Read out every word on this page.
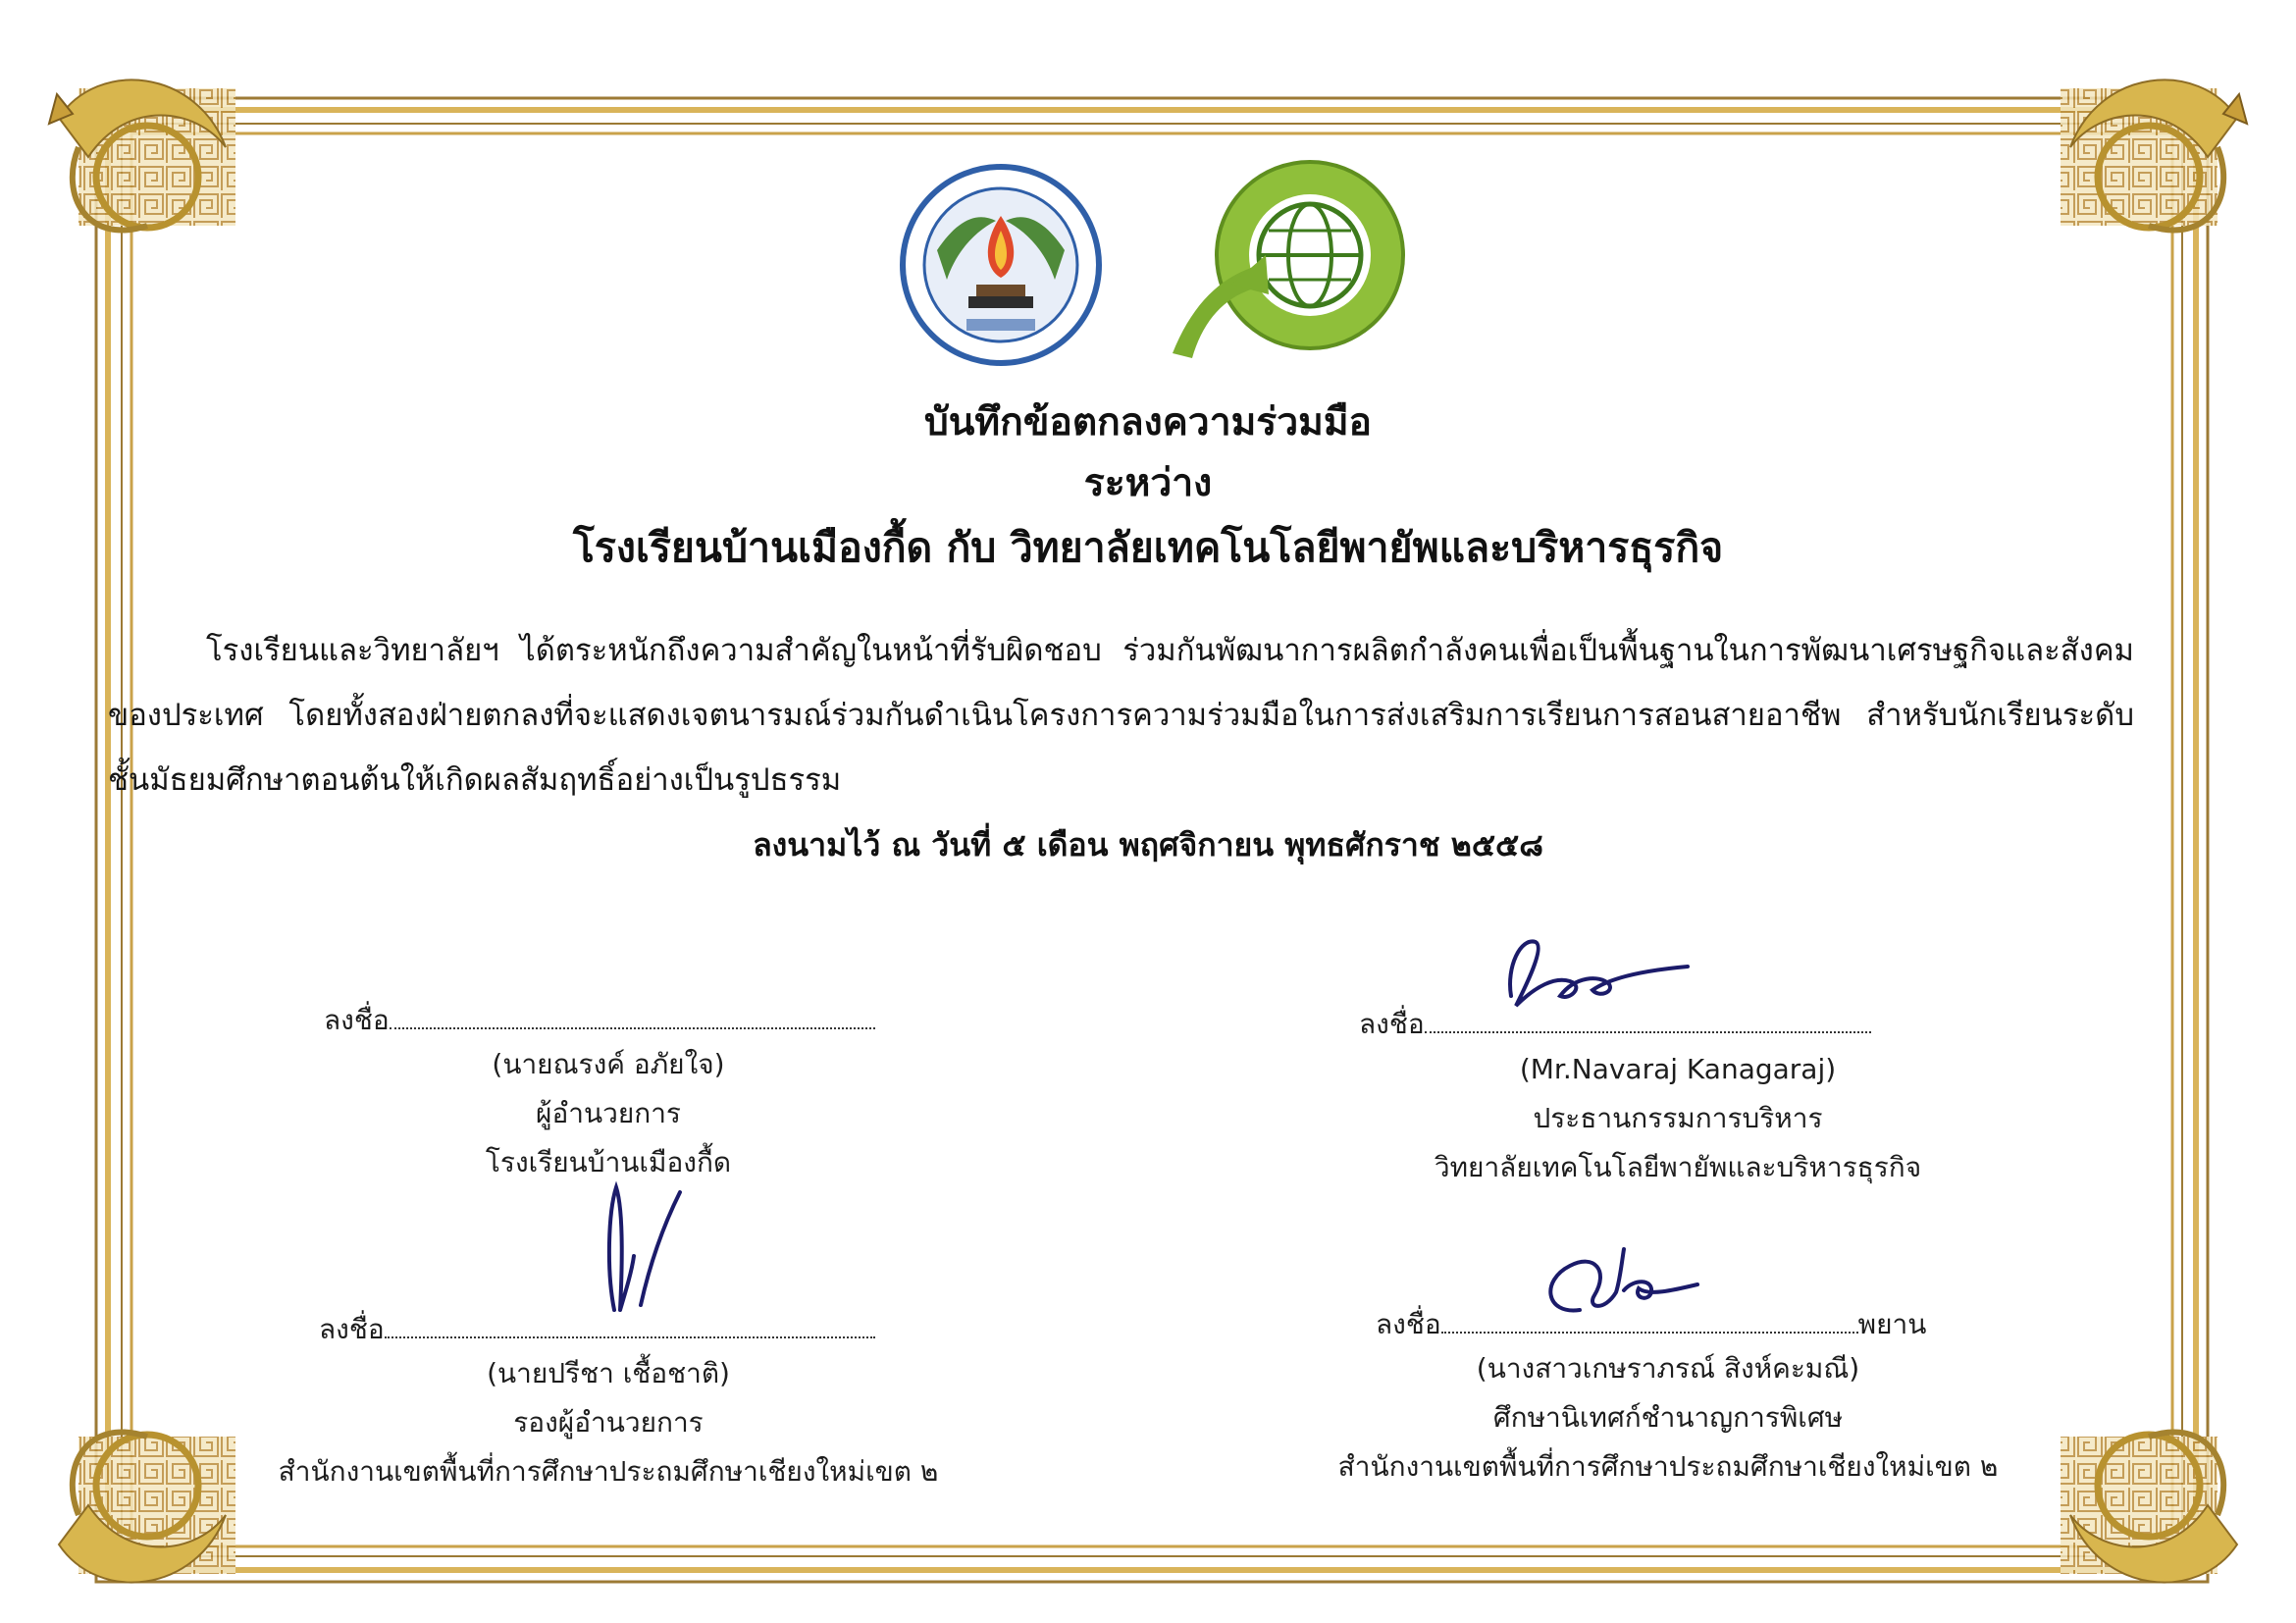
บันทึกข้อตกลงความร่วมมือ
ระหว่าง
โรงเรียนบ้านเมืองกื้ด กับ วิทยาลัยเทคโนโลยีพายัพและบริหารธุรกิจ
โรงเรียนและวิทยาลัยฯ ได้ตระหนักถึงความสำคัญในหน้าที่รับผิดชอบ ร่วมกันพัฒนาการผลิตกำลังคนเพื่อเป็นพื้นฐานในการพัฒนาเศรษฐกิจและสังคมของประเทศ โดยทั้งสองฝ่ายตกลงที่จะแสดงเจตนารมณ์ร่วมกันดำเนินโครงการความร่วมมือในการส่งเสริมการเรียนการสอนสายอาชีพ สำหรับนักเรียนระดับชั้นมัธยมศึกษาตอนต้นให้เกิดผลสัมฤทธิ์อย่างเป็นรูปธรรม
ลงนามไว้ ณ วันที่ ๕ เดือน พฤศจิกายน พุทธศักราช ๒๕๕๘
ลงชื่อ
(นายณรงค์ อภัยใจ)
ผู้อำนวยการ
โรงเรียนบ้านเมืองกื้ด
ลงชื่อ
(Mr.Navaraj Kanagaraj)
ประธานกรรมการบริหาร
วิทยาลัยเทคโนโลยีพายัพและบริหารธุรกิจ
ลงชื่อ
(นายปรีชา เชื้อชาติ)
รองผู้อำนวยการ
สำนักงานเขตพื้นที่การศึกษาประถมศึกษาเชียงใหม่เขต ๒
ลงชื่อ	พยาน
(นางสาวเกษราภรณ์ สิงห์คะมณี)
ศึกษานิเทศก์ชำนาญการพิเศษ
สำนักงานเขตพื้นที่การศึกษาประถมศึกษาเชียงใหม่เขต ๒
